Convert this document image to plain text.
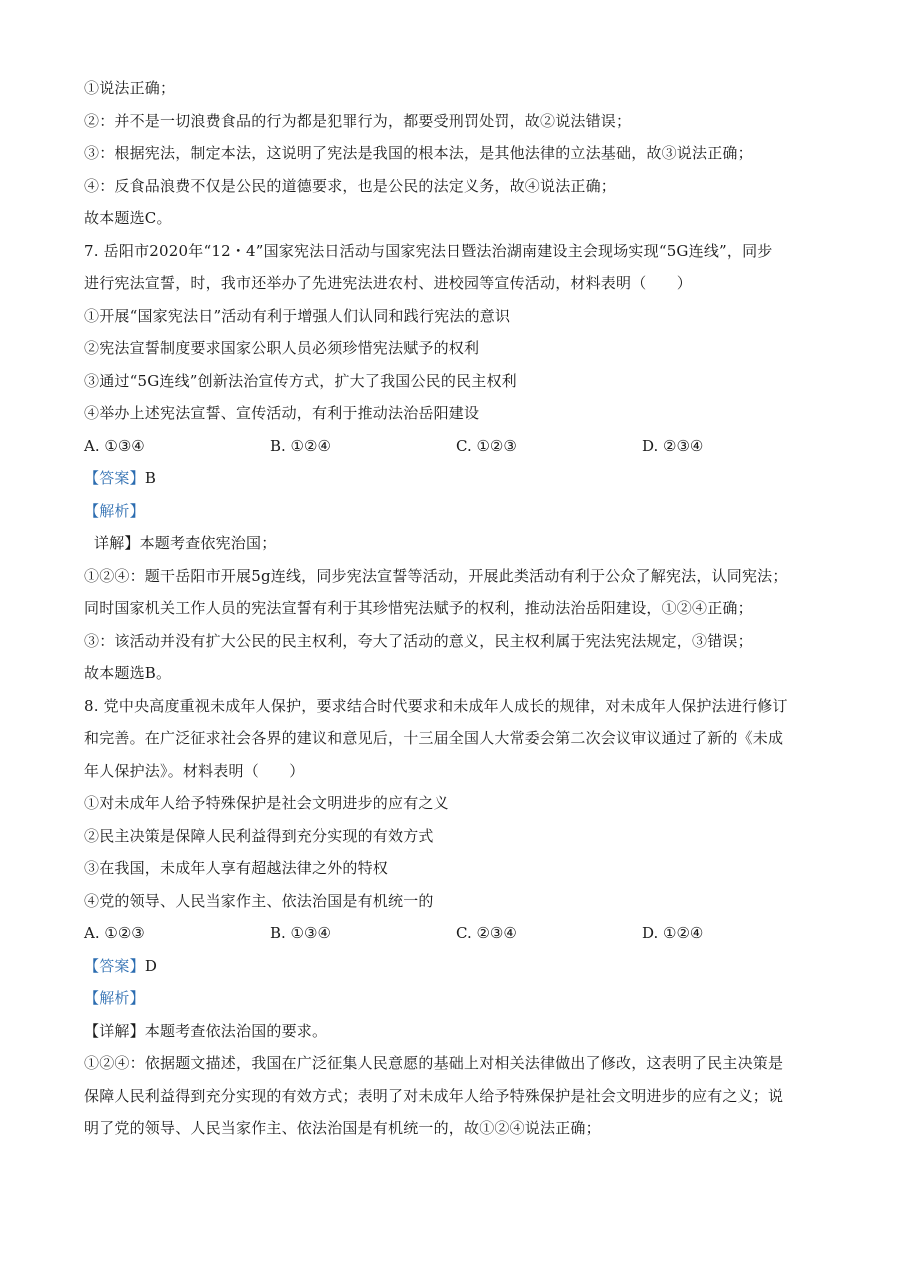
①说法正确；
②：并不是一切浪费食品的行为都是犯罪行为，都要受刑罚处罚，故②说法错误；
③：根据宪法，制定本法，这说明了宪法是我国的根本法，是其他法律的立法基础，故③说法正确；
④：反食品浪费不仅是公民的道德要求，也是公民的法定义务，故④说法正确；
故本题选C。
7. 岳阳市2020年“12・4”国家宪法日活动与国家宪法日暨法治湖南建设主会现场实现“5G连线”，同步
进行宪法宣誓，时，我市还举办了先进宪法进农村、进校园等宣传活动，材料表明（　　）
①开展“国家宪法日”活动有利于增强人们认同和践行宪法的意识
②宪法宣誓制度要求国家公职人员必须珍惜宪法赋予的权利
③通过“5G连线”创新法治宣传方式，扩大了我国公民的民主权利
④举办上述宪法宣誓、宣传活动，有利于推动法治岳阳建设
A. ①③④	B. ①②④	C. ①②③	D. ②③④
【答案】B
【解析】
详解】本题考查依宪治国；
①②④：题干岳阳市开展5g连线，同步宪法宣誓等活动，开展此类活动有利于公众了解宪法，认同宪法；
同时国家机关工作人员的宪法宣誓有利于其珍惜宪法赋予的权利，推动法治岳阳建设，①②④正确；
③：该活动并没有扩大公民的民主权利，夸大了活动的意义，民主权利属于宪法宪法规定，③错误；
故本题选B。
8. 党中央高度重视未成年人保护，要求结合时代要求和未成年人成长的规律，对未成年人保护法进行修订
和完善。在广泛征求社会各界的建议和意见后，十三届全国人大常委会第二次会议审议通过了新的《未成
年人保护法》。材料表明（　　）
①对未成年人给予特殊保护是社会文明进步的应有之义
②民主决策是保障人民利益得到充分实现的有效方式
③在我国，未成年人享有超越法律之外的特权
④党的领导、人民当家作主、依法治国是有机统一的
A. ①②③	B. ①③④	C. ②③④	D. ①②④
【答案】D
【解析】
【详解】本题考查依法治国的要求。
①②④：依据题文描述，我国在广泛征集人民意愿的基础上对相关法律做出了修改，这表明了民主决策是
保障人民利益得到充分实现的有效方式；表明了对未成年人给予特殊保护是社会文明进步的应有之义；说
明了党的领导、人民当家作主、依法治国是有机统一的，故①②④说法正确；
